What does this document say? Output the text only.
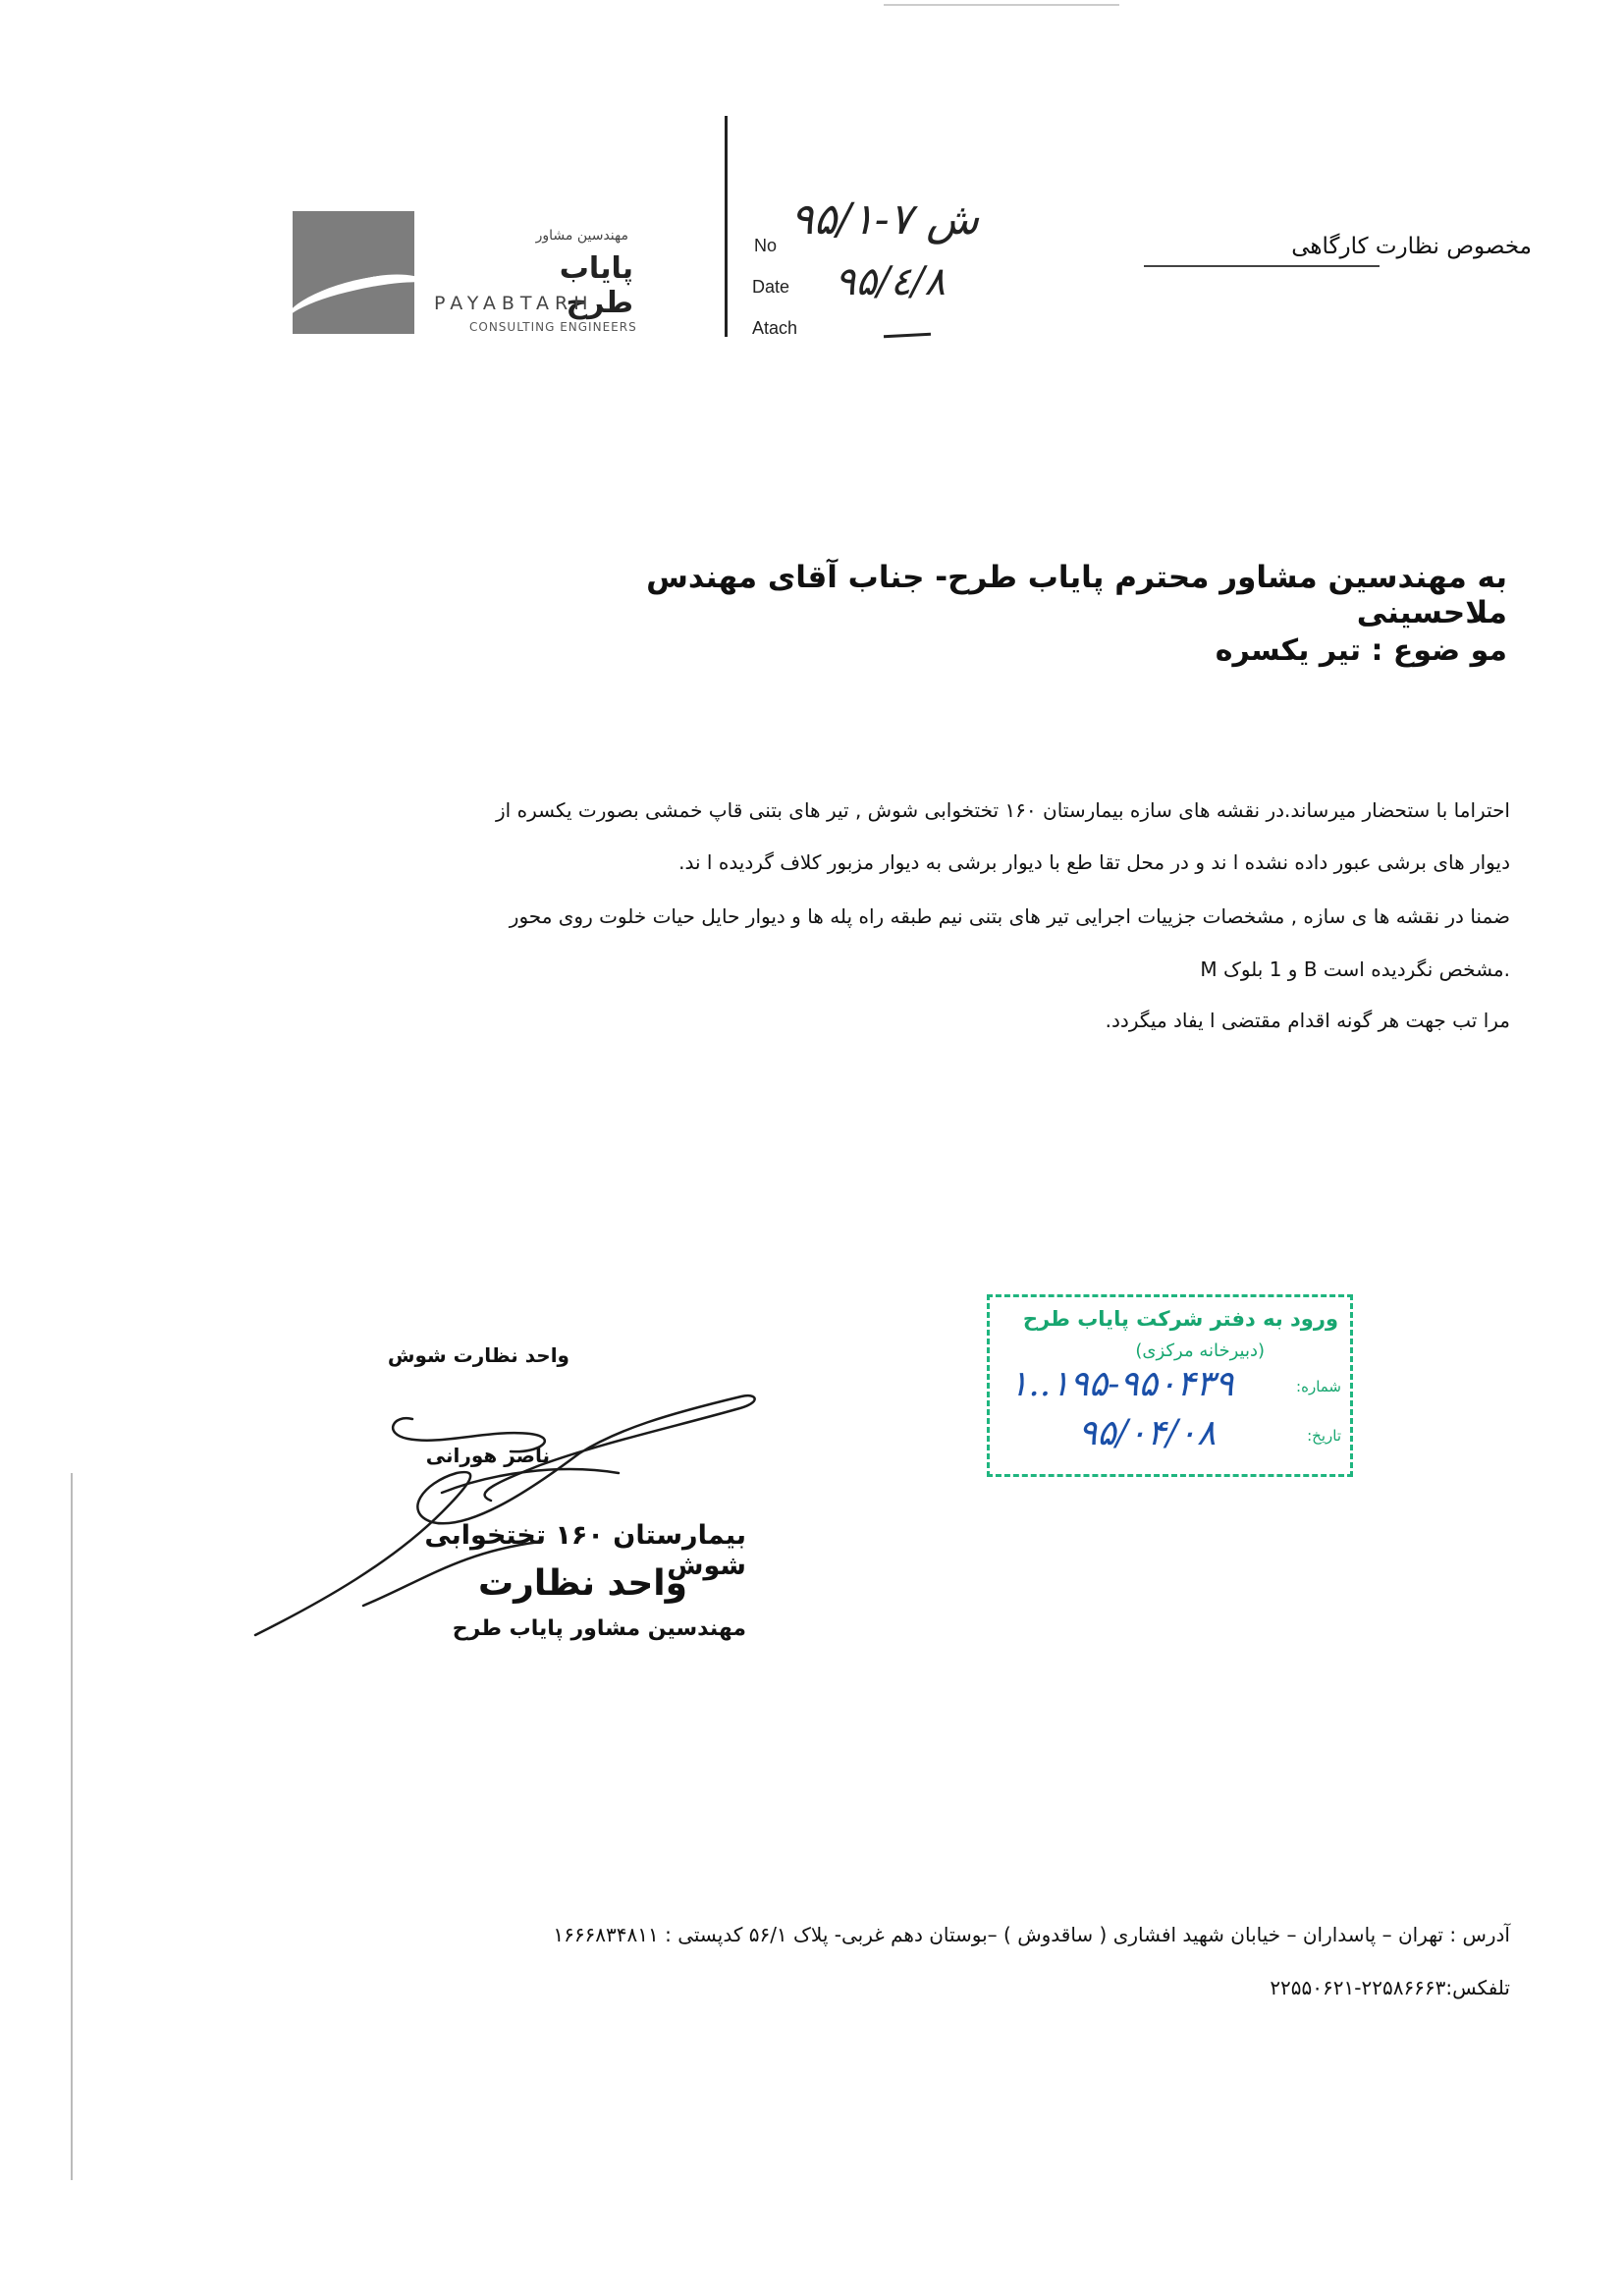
مهندسین مشاور
پایاب طرح
PAYABTARH
CONSULTING ENGINEERS
No
Date
Atach
۹۵/۱-۷ ش
۹۵/٤/۸
مخصوص نظارت کارگاهی
به مهندسین مشاور محترم پایاب طرح- جناب آقای مهندس ملاحسینی
مو ضوع : تیر یکسره
احتراما با ستحضار میرساند.در نقشه های سازه بیمارستان ۱۶۰ تختخوابی شوش , تیر های بتنی قاپ خمشی بصورت یکسره از
دیوار های برشی عبور داده نشده ا ند و در محل تقا طع با دیوار برشی به دیوار مزبور کلاف گردیده ا ند.
ضمنا در نقشه ها ی سازه , مشخصات جزییات اجرایی تیر های بتنی نیم طبقه راه پله ها و دیوار حایل حیات خلوت روی محور
M و 1 بلوک B مشخص نگردیده است.
مرا تب جهت هر گونه اقدام مقتضی ا یفاد میگردد.
واحد نظارت شوش
ناصر هورانی
بیمارستان ۱۶۰ تختخوابی شوش
واحد نظارت
مهندسین مشاور پایاب طرح
ورود به دفتر شرکت پایاب طرح
(دبیرخانه مرکزی)
شماره:
تاریخ:
۱..۱۹۵-۹۵۰۴۳۹
۹۵/۰۴/۰۸
آدرس : تهران – پاسداران – خیابان شهید افشاری ( ساقدوش ) –بوستان دهم غربی- پلاک ۵۶/۱ کدپستی : ۱۶۶۶۸۳۴۸۱۱
تلفکس:۲۲۵۸۶۶۶۳-۲۲۵۵۰۶۲۱
